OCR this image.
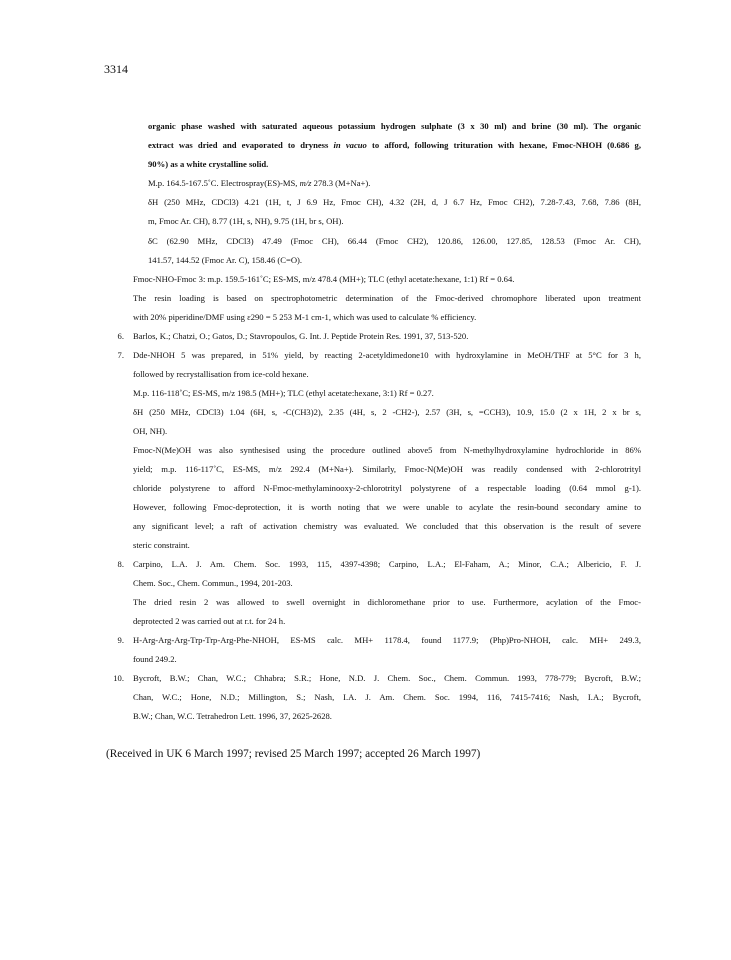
3314
organic phase washed with saturated aqueous potassium hydrogen sulphate (3 x 30 ml) and brine (30 ml). The organic
extract was dried and evaporated to dryness in vacuo to afford, following trituration with hexane, Fmoc-NHOH (0.686 g,
90%) as a white crystalline solid.
M.p. 164.5-167.5˚C. Electrospray(ES)-MS, m/z 278.3 (M+Na+).
δH (250 MHz, CDCl3) 4.21 (1H, t, J 6.9 Hz, Fmoc CH), 4.32 (2H, d, J 6.7 Hz, Fmoc CH2), 7.28-7.43, 7.68, 7.86 (8H,
m, Fmoc Ar. CH), 8.77 (1H, s, NH), 9.75 (1H, br s, OH).
δC (62.90 MHz, CDCl3) 47.49 (Fmoc CH), 66.44 (Fmoc CH2), 120.86, 126.00, 127.85, 128.53 (Fmoc Ar. CH),
141.57, 144.52 (Fmoc Ar. C), 158.46 (C=O).
Fmoc-NHO-Fmoc 3: m.p. 159.5-161˚C; ES-MS, m/z 478.4 (MH+); TLC (ethyl acetate:hexane, 1:1) Rf = 0.64.
The resin loading is based on spectrophotometric determination of the Fmoc-derived chromophore liberated upon treatment
with 20% piperidine/DMF using ε290 = 5 253 M-1 cm-1, which was used to calculate % efficiency.
6. Barlos, K.; Chatzi, O.; Gatos, D.; Stavropoulos, G. Int. J. Peptide Protein Res. 1991, 37, 513-520.
7. Dde-NHOH 5 was prepared, in 51% yield, by reacting 2-acetyldimedone10 with hydroxylamine in MeOH/THF at 5°C for 3 h,
followed by recrystallisation from ice-cold hexane.
M.p. 116-118˚C; ES-MS, m/z 198.5 (MH+); TLC (ethyl acetate:hexane, 3:1) Rf = 0.27.
δH (250 MHz, CDCl3) 1.04 (6H, s, -C(CH3)2), 2.35 (4H, s, 2 -CH2-), 2.57 (3H, s, =CCH3), 10.9, 15.0 (2 x 1H, 2 x br s,
OH, NH).
Fmoc-N(Me)OH was also synthesised using the procedure outlined above5 from N-methylhydroxylamine hydrochloride in 86%
yield; m.p. 116-117˚C, ES-MS, m/z 292.4 (M+Na+). Similarly, Fmoc-N(Me)OH was readily condensed with 2-chlorotrityl
chloride polystyrene to afford N-Fmoc-methylaminooxy-2-chlorotrityl polystyrene of a respectable loading (0.64 mmol g-1).
However, following Fmoc-deprotection, it is worth noting that we were unable to acylate the resin-bound secondary amine to
any significant level; a raft of activation chemistry was evaluated. We concluded that this observation is the result of severe
steric constraint.
8. Carpino, L.A. J. Am. Chem. Soc. 1993, 115, 4397-4398; Carpino, L.A.; El-Faham, A.; Minor, C.A.; Albericio, F. J.
Chem. Soc., Chem. Commun., 1994, 201-203.
The dried resin 2 was allowed to swell overnight in dichloromethane prior to use. Furthermore, acylation of the Fmoc-
deprotected 2 was carried out at r.t. for 24 h.
9. H-Arg-Arg-Arg-Trp-Trp-Arg-Phe-NHOH, ES-MS calc. MH+ 1178.4, found 1177.9; (Php)Pro-NHOH, calc. MH+ 249.3,
found 249.2.
10.
(Received in UK 6 March 1997; revised 25 March 1997; accepted 26 March 1997)
Bycroft, B.W.; Chan, W.C.; Chhabra; S.R.; Hone, N.D. J. Chem. Soc., Chem. Commun. 1993, 778-779; Bycroft, B.W.;
Chan, W.C.; Hone, N.D.; Millington, S.; Nash, I.A. J. Am. Chem. Soc. 1994, 116, 7415-7416; Nash, I.A.; Bycroft,
B.W.; Chan, W.C. Tetrahedron Lett. 1996, 37, 2625-2628.
